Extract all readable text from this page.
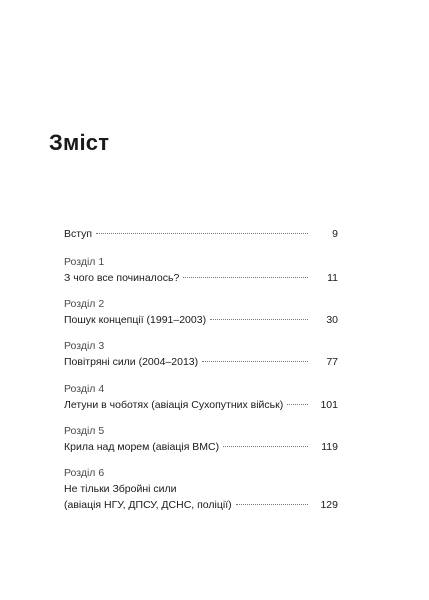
Зміст
Вступ	9
Розділ 1
З чого все починалось?	11
Розділ 2
Пошук концепції (1991–2003)	30
Розділ 3
Повітряні сили (2004–2013)	77
Розділ 4
Летуни в чоботях (авіація Сухопутних військ)	101
Розділ 5
Крила над морем (авіація ВМС)	119
Розділ 6
Не тільки Збройні сили
(авіація НГУ, ДПСУ, ДСНС, поліції)	129
